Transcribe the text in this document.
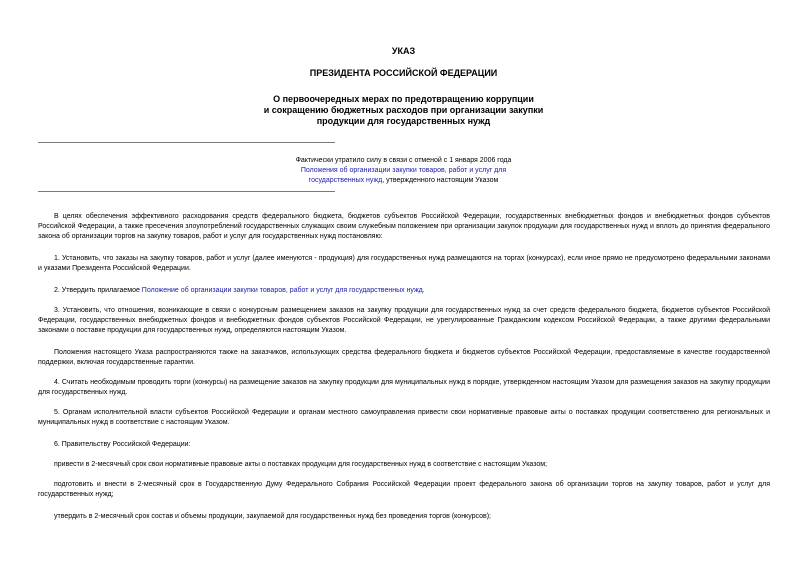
УКАЗ
ПРЕЗИДЕНТА РОССИЙСКОЙ ФЕДЕРАЦИИ
О первоочередных мерах по предотвращению коррупции
и сокращению бюджетных расходов при организации закупки
продукции для государственных нужд
Фактически утратило силу в связи с отменой с 1 января 2006 года
Положения об организации закупки товаров, работ и услуг для
государственных нужд, утвержденного настоящим Указом

В целях обеспечения эффективного расходования средств федерального бюджета, бюджетов субъектов Российской Федерации, государственных внебюджетных фондов и внебюджетных фондов субъектов Российской Федерации, а также пресечения злоупотреблений государственных служащих своим служебным положением при организации закупок продукции для государственных нужд и вплоть до принятия федерального закона об организации торгов на закупку товаров, работ и услуг для государственных нужд постановляю:

1. Установить, что заказы на закупку товаров, работ и услуг (далее именуются - продукция) для государственных нужд размещаются на торгах (конкурсах), если иное прямо не предусмотрено федеральными законами и указами Президента Российской Федерации.

2. Утвердить прилагаемое Положение об организации закупки товаров, работ и услуг для государственных нужд.

3. Установить, что отношения, возникающие в связи с конкурсным размещением заказов на закупку продукции для государственных нужд за счет средств федерального бюджета, бюджетов субъектов Российской Федерации, государственных внебюджетных фондов и внебюджетных фондов субъектов Российской Федерации, не урегулированные Гражданским кодексом Российской Федерации, а также другими федеральными законами о поставке продукции для государственных нужд, определяются настоящим Указом.

Положения настоящего Указа распространяются также на заказчиков, использующих средства федерального бюджета и бюджетов субъектов Российской Федерации, предоставляемые в качестве государственной поддержки, включая государственные гарантии.

4. Считать необходимым проводить торги (конкурсы) на размещение заказов на закупку продукции для муниципальных нужд в порядке, утвержденном настоящим Указом для размещения заказов на закупку продукции для государственных нужд.

5. Органам исполнительной власти субъектов Российской Федерации и органам местного самоуправления привести свои нормативные правовые акты о поставках продукции соответственно для региональных и муниципальных нужд в соответствие с настоящим Указом.

6. Правительству Российской Федерации:

привести в 2-месячный срок свои нормативные правовые акты о поставках продукции для государственных нужд в соответствие с настоящим Указом;

подготовить и внести в 2-месячный срок в Государственную Думу Федерального Собрания Российской Федерации проект федерального закона об организации торгов на закупку товаров, работ и услуг для государственных нужд;

утвердить в 2-месячный срок состав и объемы продукции, закупаемой для государственных нужд без проведения торгов (конкурсов);
